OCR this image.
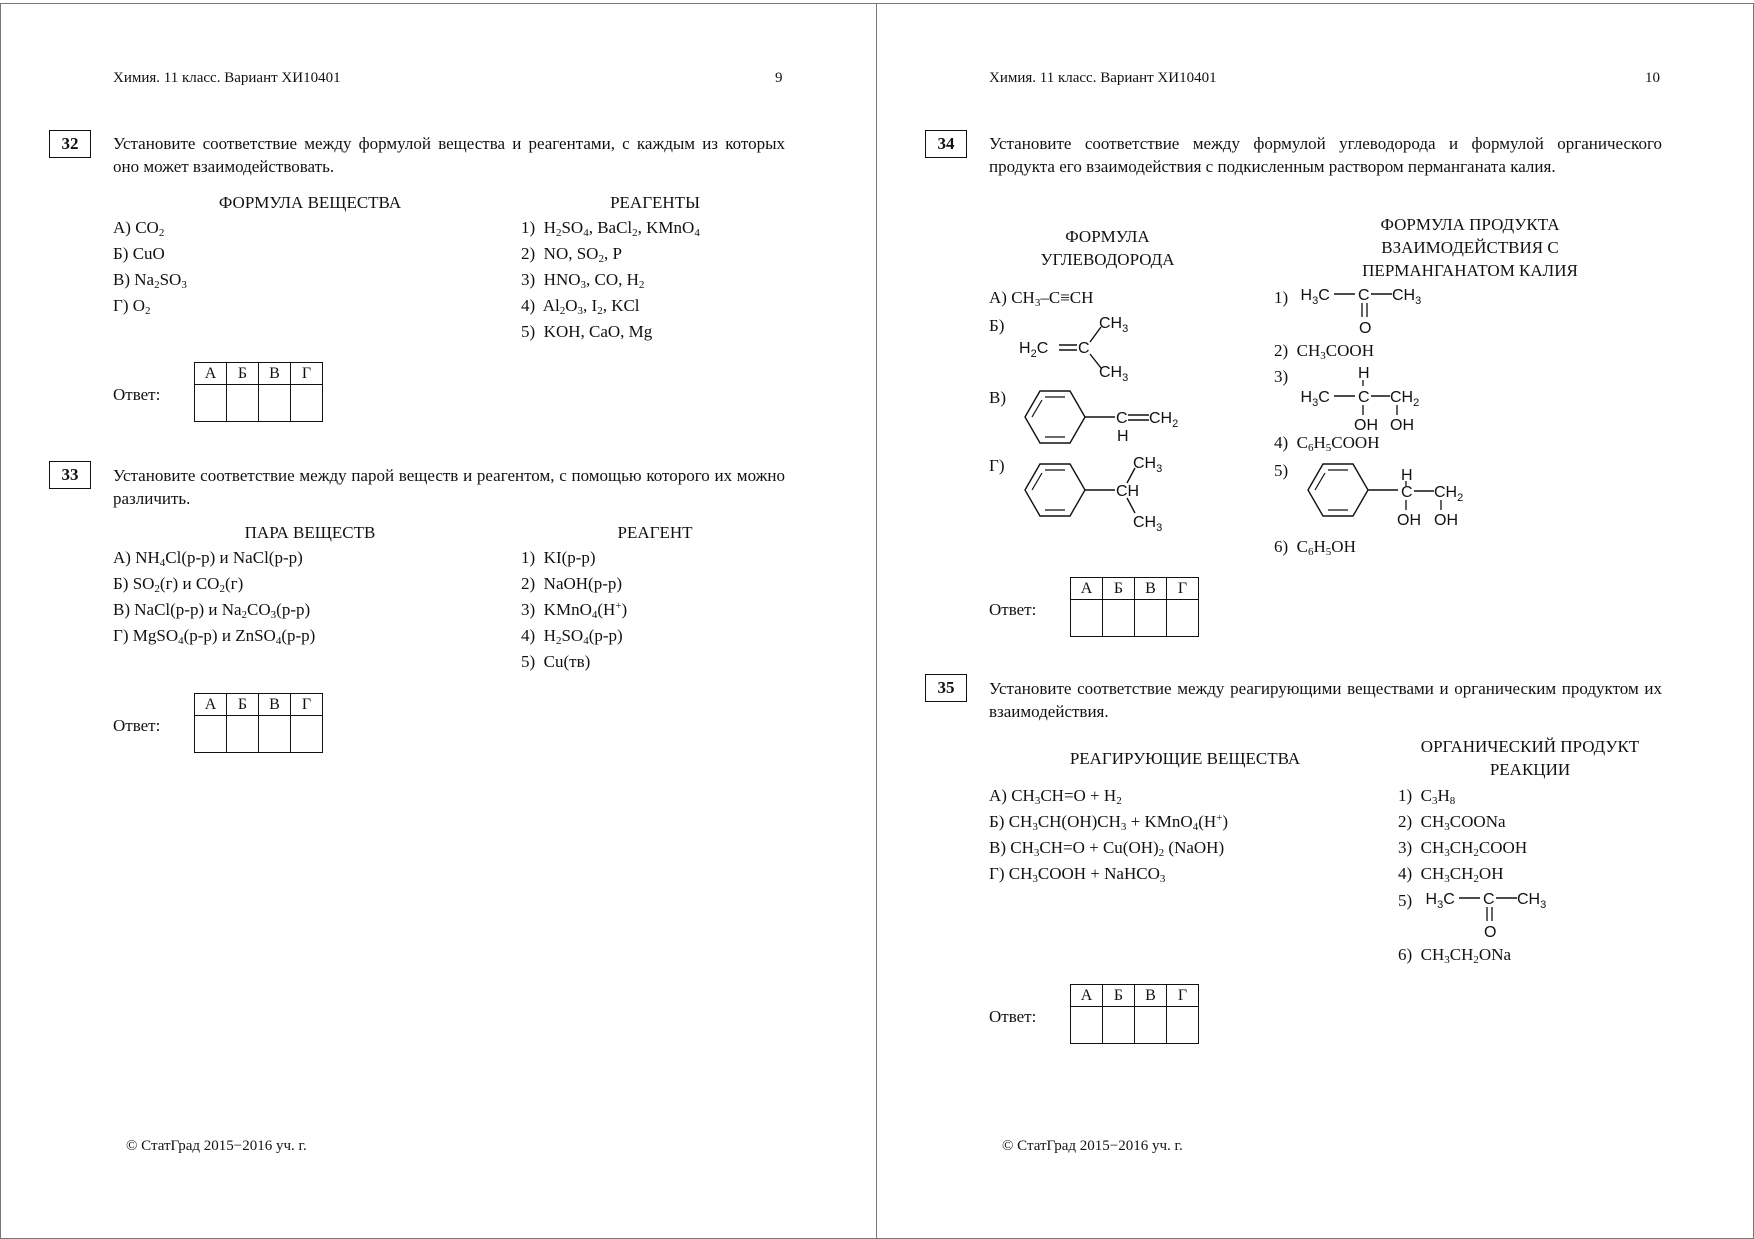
Химия. 11 класс. Вариант ХИ10401	9	Химия. 11 класс. Вариант ХИ10401	10
32	Установите соответствие между формулой вещества и реагентами, с каждым из которых оно может взаимодействовать.
ФОРМУЛА ВЕЩЕСТВА	РЕАГЕНТЫ
А) $CO_2$
Б) CuO
В) $Na_2SO_3$
Г) $O_2$
1)  $H_2SO_4$, BaCl$_2$, KMnO$_4$
2)  NO, $SO_2$, P
3)  $HNO_3$, CO, $H_2$
4)  $Al_2O_3$, $I_2$, KCl
5)  KOH, CaO, Mg
Ответ:
А	Б	В	Г

33	Установите соответствие между парой веществ и реагентом, с помощью которого их можно различить.
ПАРА ВЕЩЕСТВ	РЕАГЕНТ
А) $NH_4Cl(р-р)$ и NaCl(р-р)
Б) $SO_2(г)$ и $CO_2(г)$
В) NaCl(р-р) и $Na_2CO_3(р-р)$
Г) MgSO$_4$(р-р) и ZnSO$_4$(р-р)
1)  KI(р-р)
2)  NaOH(р-р)
3)  KMnO$_4$(H+)
4)  $H_2SO_4(р-р)$
5)  Cu(тв)
Ответ:
А	Б	В	Г

© СтатГрад 2015−2016 уч. г.
34	Установите соответствие между формулой углеводорода и формулой органического продукта его взаимодействия с подкисленным раствором перманганата калия.
ФОРМУЛА
УГЛЕВОДОРОДА
ФОРМУЛА ПРОДУКТА
ВЗАИМОДЕЙСТВИЯ С
ПЕРМАНГАНАТОМ КАЛИЯ
А) $CH_3-C\equiv CH$
Б)
$H_2C$ C
$CH_3$
$CH_3$
В)
C $CH_2$
H
Г)
CH
$CH_3$
$CH_3$
1) $H_3C$ C $CH_3$
O
2)  $CH_3COOH$
3)	H
$H_3C$ C $CH_2$
OH OH
4)  $C_6H_5COOH$
5)	H
C $CH_2$
OH OH
6)  $C_6H_5OH$
Ответ:
А	Б	В	Г

35	Установите соответствие между реагирующими веществами и органическим продуктом их взаимодействия.
РЕАГИРУЮЩИЕ ВЕЩЕСТВА
ОРГАНИЧЕСКИЙ ПРОДУКТ
РЕАКЦИИ
А) $CH_3CH=O + H_2$
Б) $CH_3CH(OH)CH_3$ + KMnO$_4$(H+)
В) $CH_3CH=O + Cu(OH)_2$ (NaOH)
Г) $CH_3COOH$ + NaHCO$_3$
1)  $C_3H_8$
2)  $CH_3COONa$
3)  $CH_3CH_2COOH$
4)  $CH_3CH_2OH$
5) $H_3C$ C $CH_3$
O
6)  $CH_3CH_2ONa$
Ответ:
А	Б	В	Г

© СтатГрад 2015−2016 уч. г.
